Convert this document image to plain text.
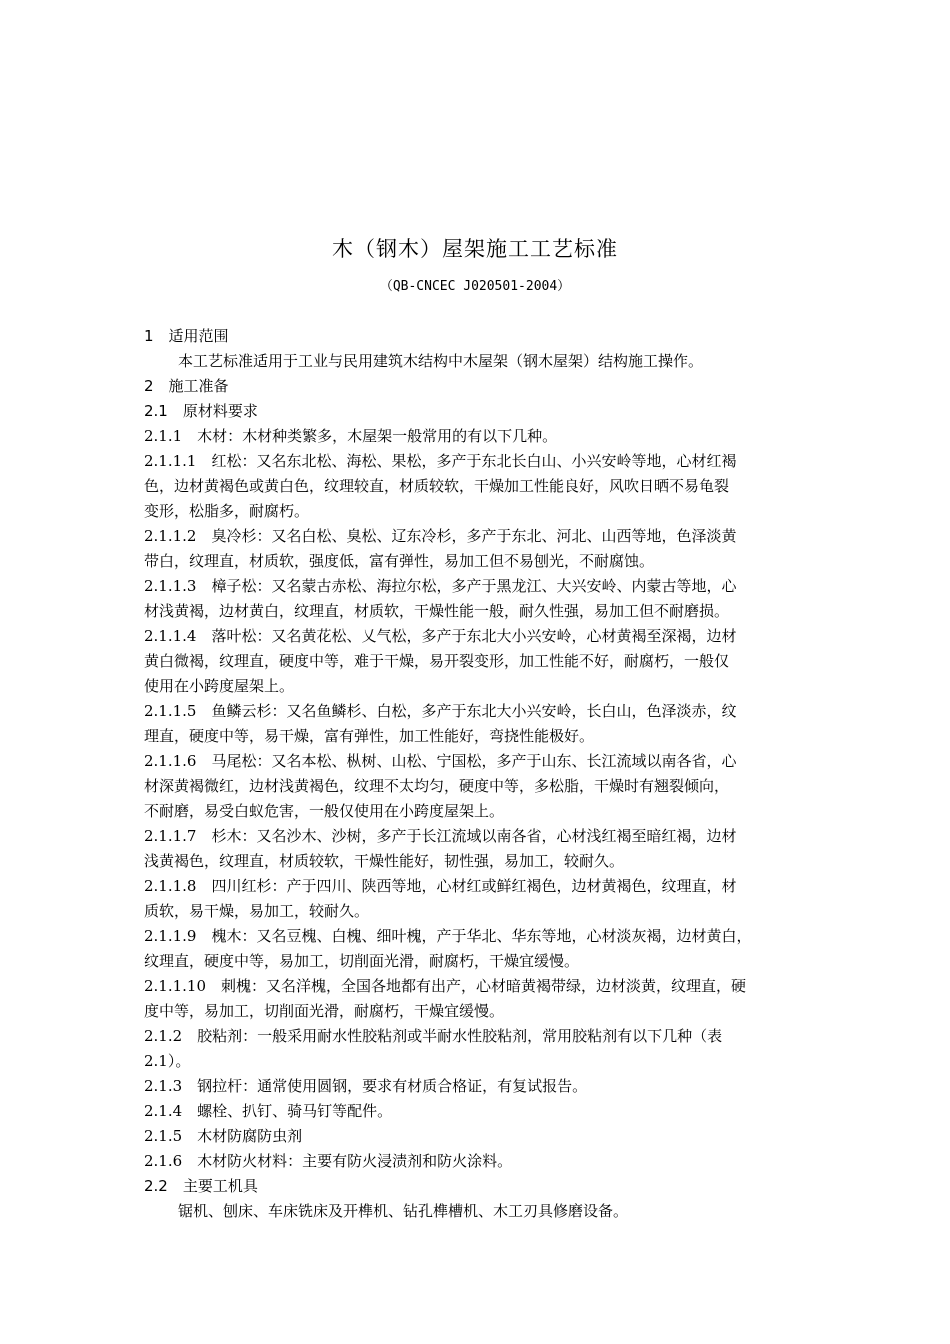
木（钢木）屋架施工工艺标准
（QB-CNCEC J020501-2004）
1  适用范围
本工艺标准适用于工业与民用建筑木结构中木屋架（钢木屋架）结构施工操作。
2  施工准备
2.1  原材料要求
2.1.1  木材：木材种类繁多，木屋架一般常用的有以下几种。
2.1.1.1  红松：又名东北松、海松、果松，多产于东北长白山、小兴安岭等地，心材红褐
色，边材黄褐色或黄白色，纹理较直，材质较软，干燥加工性能良好，风吹日晒不易龟裂
变形，松脂多，耐腐朽。
2.1.1.2  臭冷杉：又名白松、臭松、辽东冷杉，多产于东北、河北、山西等地，色泽淡黄
带白，纹理直，材质软，强度低，富有弹性，易加工但不易刨光，不耐腐蚀。
2.1.1.3  樟子松：又名蒙古赤松、海拉尔松，多产于黑龙江、大兴安岭、内蒙古等地，心
材浅黄褐，边材黄白，纹理直，材质软，干燥性能一般，耐久性强，易加工但不耐磨损。
2.1.1.4  落叶松：又名黄花松、乂气松，多产于东北大小兴安岭，心材黄褐至深褐，边材
黄白微褐，纹理直，硬度中等，难于干燥，易开裂变形，加工性能不好，耐腐朽，一般仅
使用在小跨度屋架上。
2.1.1.5  鱼鳞云杉：又名鱼鳞杉、白松，多产于东北大小兴安岭，长白山，色泽淡赤，纹
理直，硬度中等，易干燥，富有弹性，加工性能好，弯挠性能极好。
2.1.1.6  马尾松：又名本松、枞树、山松、宁国松，多产于山东、长江流域以南各省，心
材深黄褐微红，边材浅黄褐色，纹理不太均匀，硬度中等，多松脂，干燥时有翘裂倾向，
不耐磨，易受白蚁危害，一般仅使用在小跨度屋架上。
2.1.1.7  杉木：又名沙木、沙树，多产于长江流域以南各省，心材浅红褐至暗红褐，边材
浅黄褐色，纹理直，材质较软，干燥性能好，韧性强，易加工，较耐久。
2.1.1.8  四川红杉：产于四川、陕西等地，心材红或鲜红褐色，边材黄褐色，纹理直，材
质软，易干燥，易加工，较耐久。
2.1.1.9  槐木：又名豆槐、白槐、细叶槐，产于华北、华东等地，心材淡灰褐，边材黄白，
纹理直，硬度中等，易加工，切削面光滑，耐腐朽，干燥宜缓慢。
2.1.1.10  刺槐：又名洋槐，全国各地都有出产，心材暗黄褐带绿，边材淡黄，纹理直，硬
度中等，易加工，切削面光滑，耐腐朽，干燥宜缓慢。
2.1.2  胶粘剂：一般采用耐水性胶粘剂或半耐水性胶粘剂，常用胶粘剂有以下几种（表
2.1）。
2.1.3  钢拉杆：通常使用圆钢，要求有材质合格证，有复试报告。
2.1.4  螺栓、扒钉、骑马钉等配件。
2.1.5  木材防腐防虫剂
2.1.6  木材防火材料：主要有防火浸渍剂和防火涂料。
2.2  主要工机具
锯机、刨床、车床铣床及开榫机、钻孔榫槽机、木工刃具修磨设备。
